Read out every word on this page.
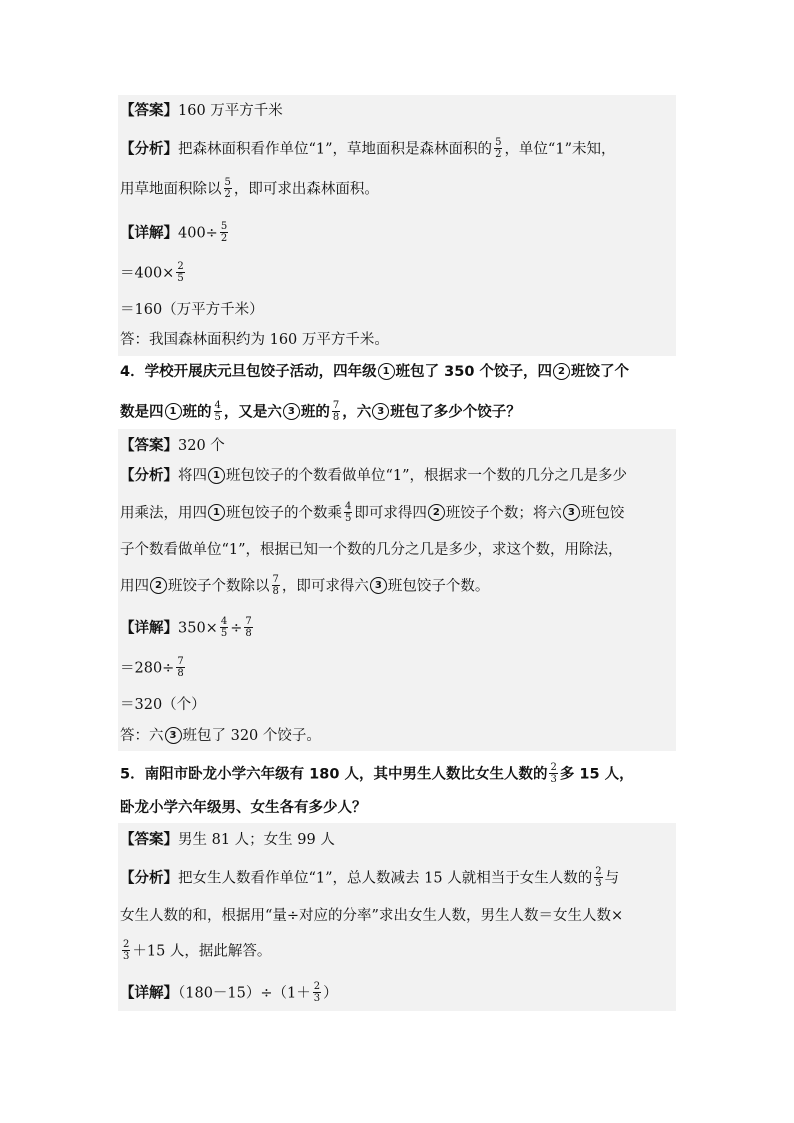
【答案】160 万平方千米
【分析】把森林面积看作单位“1”，草地面积是森林面积的 $\frac{5}{2}$ ，单位“1”未知，
用草地面积除以 $\frac{5}{2}$ ，即可求出森林面积。
【详解】$400\div \frac{5}{2}$
$=400\times \frac{2}{5}$
＝160（万平方千米）
答：我国森林面积约为 160 万平方千米。
4．学校开展庆元旦包饺子活动，四年级 1 班包了 350 个饺子，四 2 班饺了个
数是四 1 班的 $\frac{4}{5}$ ，又是六 3 班的 $\frac{7}{8}$ ，六 3 班包了多少个饺子？
【答案】320 个
【分析】将四 1 班包饺子的个数看做单位“1”，根据求一个数的几分之几是多少
用乘法，用四 1 班包饺子的个数乘 $\frac{4}{5}$ 即可求得四 2 班饺子个数；将六 3 班包饺
子个数看做单位“1”，根据已知一个数的几分之几是多少，求这个数，用除法，
用四 2 班饺子个数除以 $\frac{7}{8}$ ，即可求得六 3 班包饺子个数。
【详解】$350\times \frac{4}{5} \div \frac{7}{8}$
$=280\div \frac{7}{8}$
＝320（个）
答：六 3 班包了 320 个饺子。
5．南阳市卧龙小学六年级有 180 人，其中男生人数比女生人数的 $\frac{2}{3}$ 多 15 人，
卧龙小学六年级男、女生各有多少人？
【答案】男生 81 人；女生 99 人
【分析】把女生人数看作单位“1”，总人数减去 15 人就相当于女生人数的 $\frac{2}{3}$ 与
女生人数的和，根据用“量÷对应的分率”求出女生人数，男生人数＝女生人数×
$\frac{2}{3} +15$ 人，据此解答。
【详解】$(180-15)\div(1+ \frac{2}{3}$ ）
